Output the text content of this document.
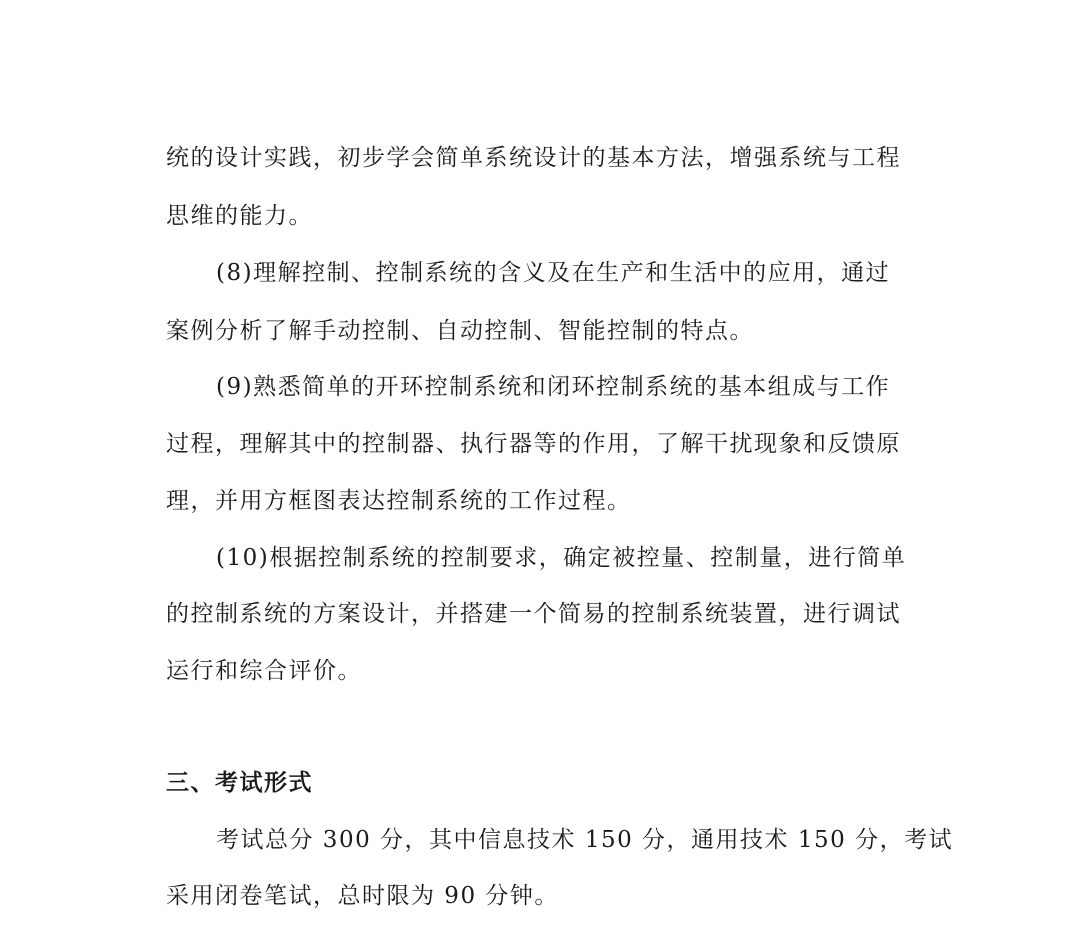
统的设计实践，初步学会简单系统设计的基本方法，增强系统与工程
思维的能力。
(8)理解控制、控制系统的含义及在生产和生活中的应用，通过
案例分析了解手动控制、自动控制、智能控制的特点。
(9)熟悉简单的开环控制系统和闭环控制系统的基本组成与工作
过程，理解其中的控制器、执行器等的作用，了解干扰现象和反馈原
理，并用方框图表达控制系统的工作过程。
(10)根据控制系统的控制要求，确定被控量、控制量，进行简单
的控制系统的方案设计，并搭建一个简易的控制系统装置，进行调试
运行和综合评价。
三、考试形式
考试总分 300 分，其中信息技术 150 分，通用技术 150 分，考试
采用闭卷笔试，总时限为 90 分钟。
